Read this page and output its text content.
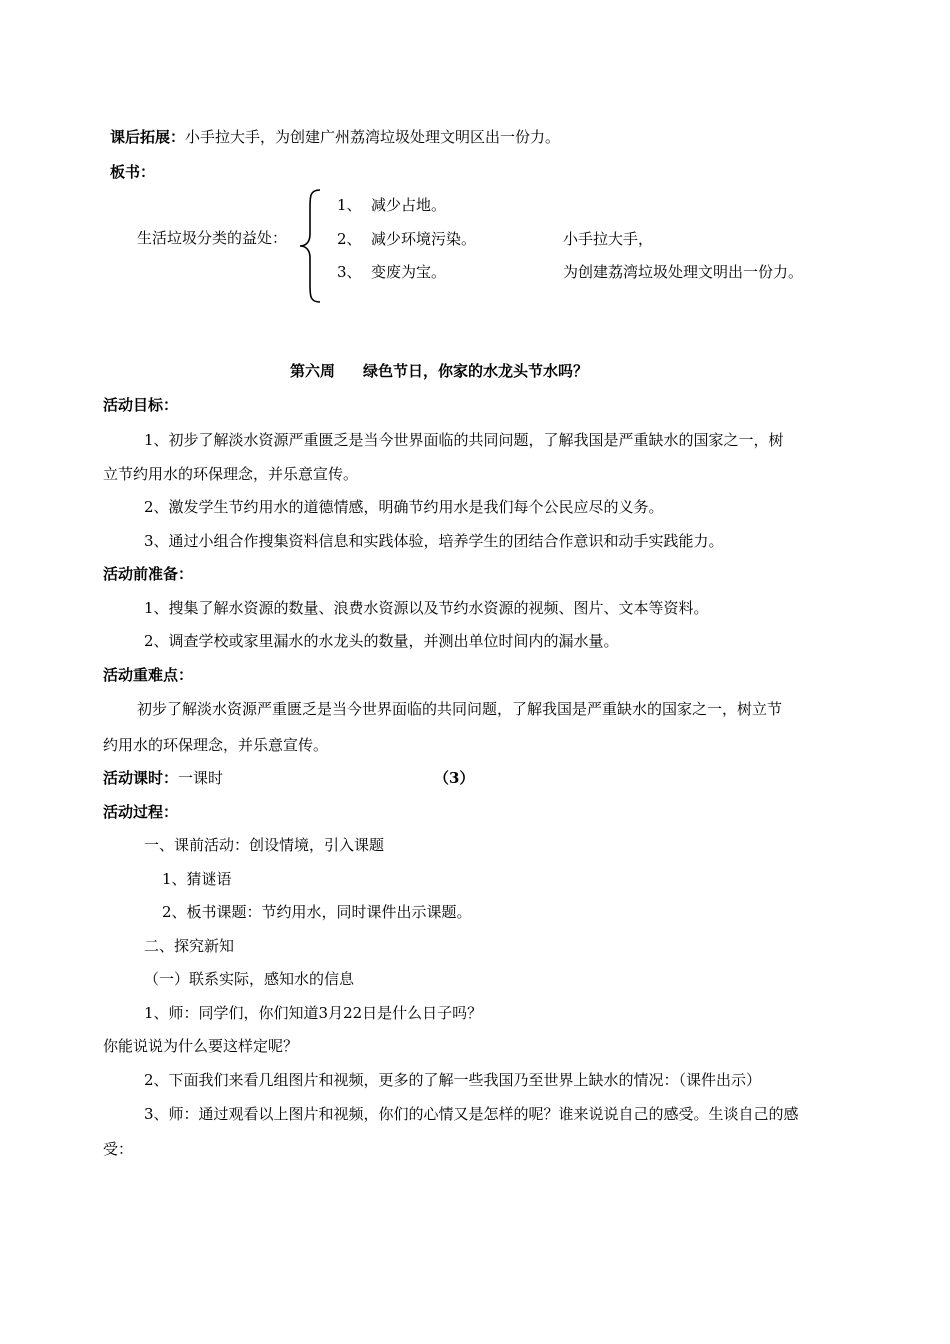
课后拓展：小手拉大手，为创建广州荔湾垃圾处理文明区出一份力。
板书：
生活垃圾分类的益处：
1、 减少占地。
2、 减少环境污染。
3、 变废为宝。
小手拉大手，
为创建荔湾垃圾处理文明出一份力。
第六周 绿色节日，你家的水龙头节水吗？
活动目标：
1、初步了解淡水资源严重匮乏是当今世界面临的共同问题，了解我国是严重缺水的国家之一，树
立节约用水的环保理念，并乐意宣传。
2、激发学生节约用水的道德情感，明确节约用水是我们每个公民应尽的义务。
3、通过小组合作搜集资料信息和实践体验，培养学生的团结合作意识和动手实践能力。
活动前准备：
1、搜集了解水资源的数量、浪费水资源以及节约水资源的视频、图片、文本等资料。
2、调查学校或家里漏水的水龙头的数量，并测出单位时间内的漏水量。
活动重难点：
初步了解淡水资源严重匮乏是当今世界面临的共同问题，了解我国是严重缺水的国家之一，树立节
约用水的环保理念，并乐意宣传。
活动课时：一课时	（3）
活动过程：
一、课前活动：创设情境，引入课题
1、猜谜语
2、板书课题：节约用水，同时课件出示课题。
二、探究新知
（一）联系实际，感知水的信息
1、师：同学们，你们知道3月22日是什么日子吗？
你能说说为什么要这样定呢？
2、下面我们来看几组图片和视频，更多的了解一些我国乃至世界上缺水的情况：（课件出示）
3、师：通过观看以上图片和视频，你们的心情又是怎样的呢？谁来说说自己的感受。生谈自己的感
受：
